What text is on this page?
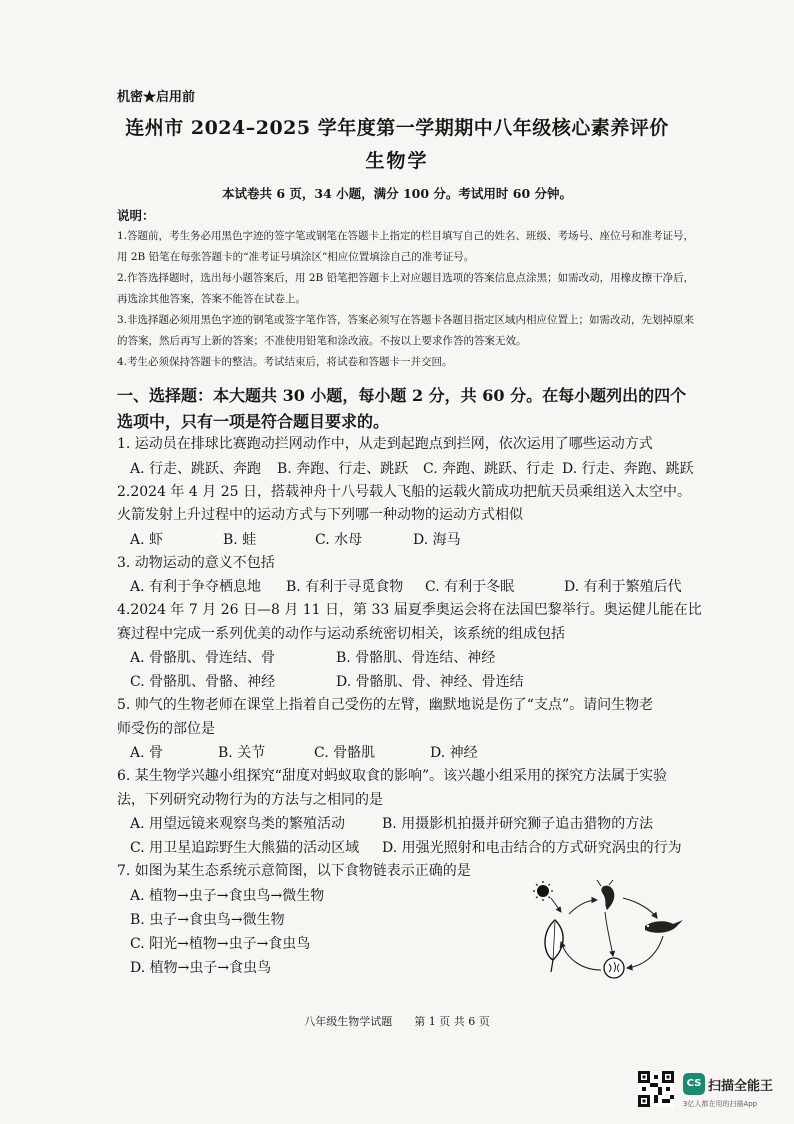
机密★启用前
连州市 2024–2025 学年度第一学期期中八年级核心素养评价
生物学
本试卷共 6 页，34 小题，满分 100 分。考试用时 60 分钟。
说明：

1.答题前，考生务必用黑色字迹的签字笔或钢笔在答题卡上指定的栏目填写自己的姓名、班级、考场号、座位号和准考证号，用 2B 铅笔在每张答题卡的“准考证号填涂区”相应位置填涂自己的准考证号。

2.作答选择题时，选出每小题答案后，用 2B 铅笔把答题卡上对应题目选项的答案信息点涂黑；如需改动，用橡皮擦干净后，再选涂其他答案，答案不能答在试卷上。

3.非选择题必须用黑色字迹的钢笔或签字笔作答，答案必须写在答题卡各题目指定区域内相应位置上；如需改动，先划掉原来的答案，然后再写上新的答案；不准使用铅笔和涂改液。不按以上要求作答的答案无效。

4.考生必须保持答题卡的整洁。考试结束后，将试卷和答题卡一并交回。

一、选择题：本大题共 30 小题，每小题 2 分，共 60 分。在每小题列出的四个选项中，只有一项是符合题目要求的。

1. 运动员在排球比赛跑动拦网动作中，从走到起跑点到拦网，依次运用了哪些运动方式

A. 行走、跳跃、奔跑	B. 奔跑、行走、跳跃	C. 奔跑、跳跃、行走 D. 行走、奔跑、跳跃

2.2024 年 4 月 25 日，搭载神舟十八号载人飞船的运载火箭成功把航天员乘组送入太空中。

火箭发射上升过程中的运动方式与下列哪一种动物的运动方式相似

A. 虾	B. 蛙	C. 水母	D. 海马

3. 动物运动的意义不包括

A. 有利于争夺栖息地	B. 有利于寻觅食物	C. 有利于冬眠	D. 有利于繁殖后代

4.2024 年 7 月 26 日—8 月 11 日，第 33 届夏季奥运会将在法国巴黎举行。奥运健儿能在比

赛过程中完成一系列优美的动作与运动系统密切相关，该系统的组成包括

A. 骨骼肌、骨连结、骨	B. 骨骼肌、骨连结、神经
C. 骨骼肌、骨骼、神经	D. 骨骼肌、骨、神经、骨连结

5. 帅气的生物老师在课堂上指着自己受伤的左臂，幽默地说是伤了“支点”。请问生物老

师受伤的部位是

A. 骨	B. 关节	C. 骨骼肌	D. 神经

6. 某生物学兴趣小组探究“甜度对蚂蚁取食的影响”。该兴趣小组采用的探究方法属于实验

法，下列研究动物行为的方法与之相同的是

A. 用望远镜来观察鸟类的繁殖活动	B. 用摄影机拍摄并研究狮子追击猎物的方法
C. 用卫星追踪野生大熊猫的活动区域	D. 用强光照射和电击结合的方式研究涡虫的行为

7. 如图为某生态系统示意简图，以下食物链表示正确的是

A. 植物→虫子→食虫鸟→微生物
B. 虫子→食虫鸟→微生物
C. 阳光→植物→虫子→食虫鸟
D. 植物→虫子→食虫鸟
八年级生物学试题　　第 1 页 共 6 页
CS 扫描全能王
3亿人都在用的扫描App
